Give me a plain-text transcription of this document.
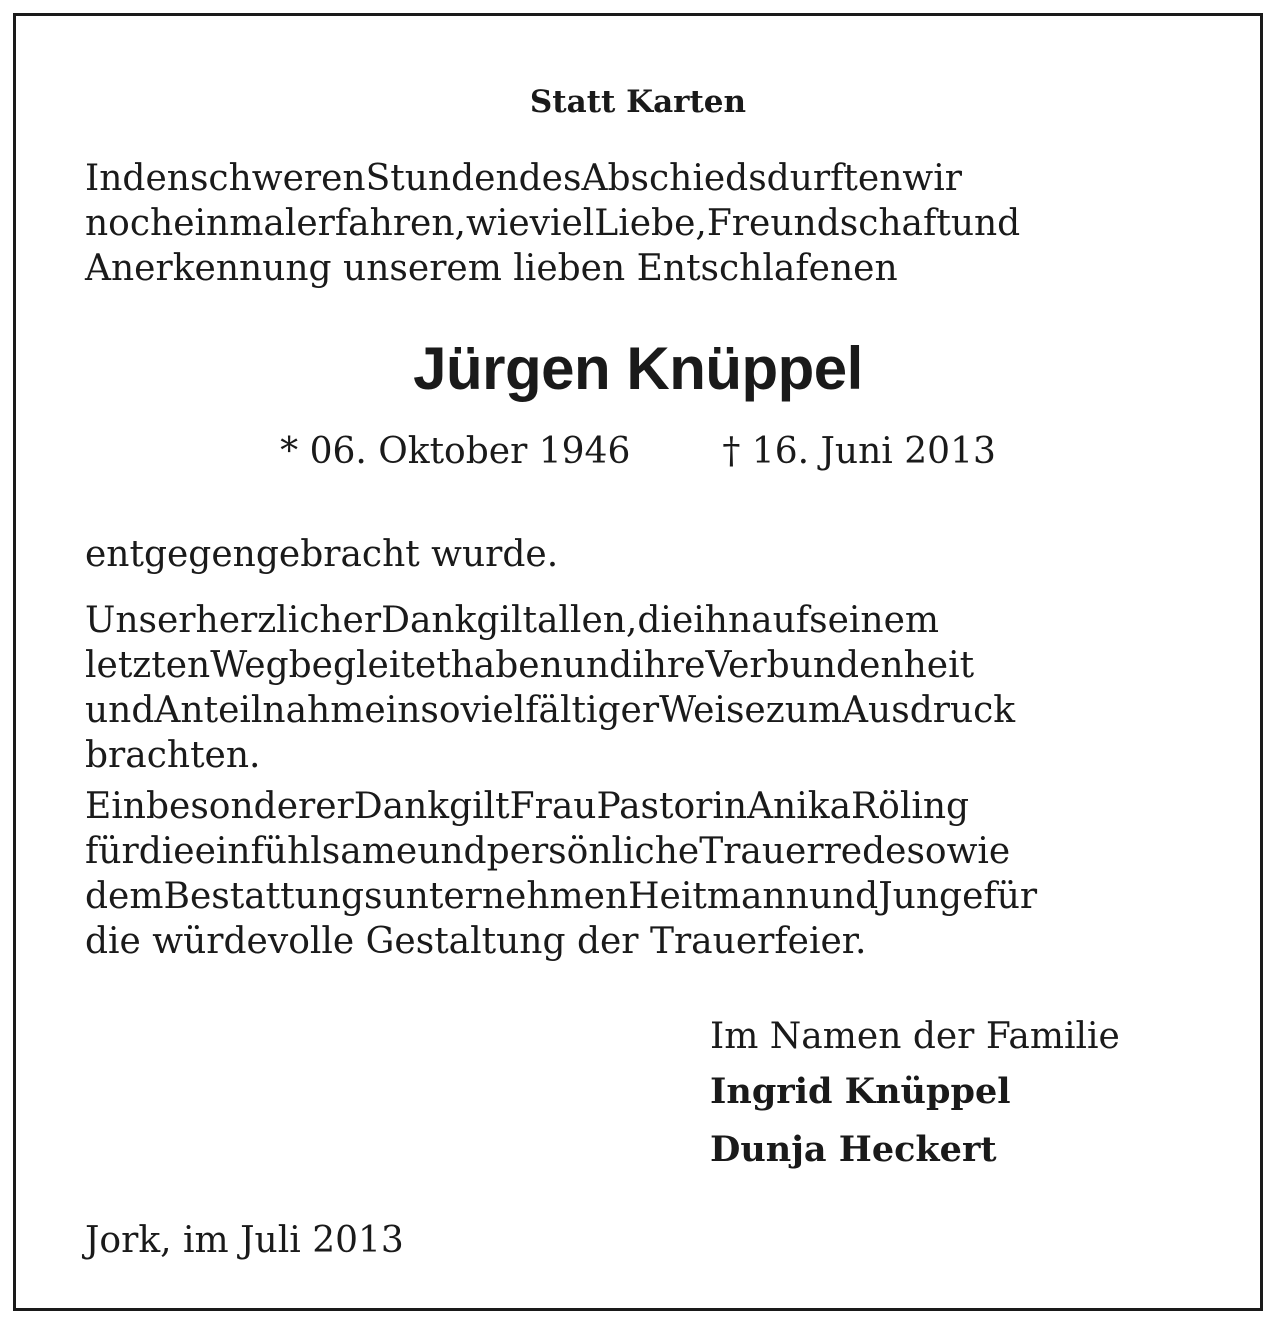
Statt Karten
IndenschwerenStundendesAbschiedsdurftenwir
nocheinmalerfahren,wievielLiebe,Freundschaftund
Anerkennung unserem lieben Entschlafenen
Jürgen Knüppel
* 06. Oktober 1946	† 16. Juni 2013
entgegengebracht wurde.
UnserherzlicherDankgiltallen,dieihnaufseinem
letztenWegbegleitethabenundihreVerbundenheit
undAnteilnahmeinsovielfältigerWeisezumAusdruck
brachten.
EinbesondererDankgiltFrauPastorinAnikaRöling
fürdieeinfühlsameundpersönlicheTrauerredesowie
demBestattungsunternehmenHeitmannundJungefür
die würdevolle Gestaltung der Trauerfeier.
Im Namen der Familie
Ingrid Knüppel
Dunja Heckert
Jork, im Juli 2013
